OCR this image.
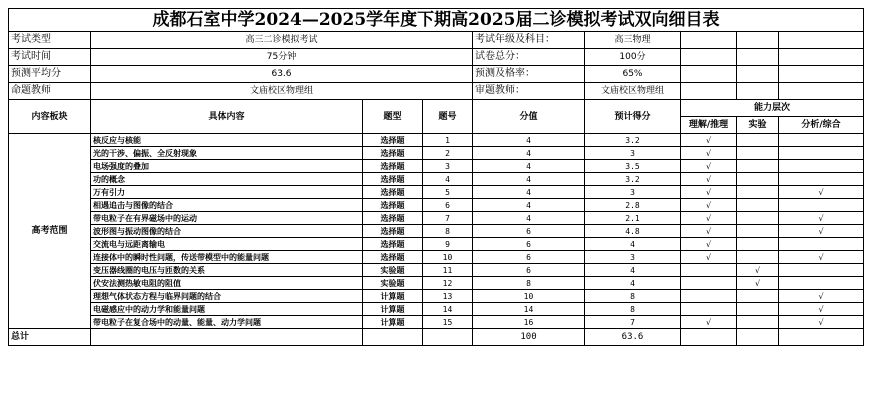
成都石室中学2024—2025学年度下期高2025届二诊模拟考试双向细目表								
考试类型	高三二诊模拟考试			考试年级及科目：	高三物理			
考试时间	75分钟			试卷总分：	100分			
预测平均分	63.6			预测及格率：	65%			
命题教师	文庙校区物理组			审题教师：	文庙校区物理组			
内容板块	具体内容	题型	题号	分值	预计得分	能力层次		
						理解/推理	实验	分析/综合
高考范围	核反应与核能	选择题	1	4	3.2	√		
	光的干涉、偏振、全反射现象	选择题	2	4	3	√		
	电场强度的叠加	选择题	3	4	3.5	√		
	功的概念	选择题	4	4	3.2	√		
	万有引力	选择题	5	4	3	√		√
	相遇追击与图像的结合	选择题	6	4	2.8	√		
	带电粒子在有界磁场中的运动	选择题	7	4	2.1	√		√
	波形图与振动图像的结合	选择题	8	6	4.8	√		√
	交流电与远距离输电	选择题	9	6	4	√		
	连接体中的瞬时性问题，传送带模型中的能量问题	选择题	10	6	3	√		√
	变压器线圈的电压与匝数的关系	实验题	11	6	4		√	
	伏安法测热敏电阻的阻值	实验题	12	8	4		√	
	理想气体状态方程与临界问题的结合	计算题	13	10	8			√
	电磁感应中的动力学和能量问题	计算题	14	14	8			√
	带电粒子在复合场中的动量、能量、动力学问题	计算题	15	16	7	√		√
总计				100	63.6			
